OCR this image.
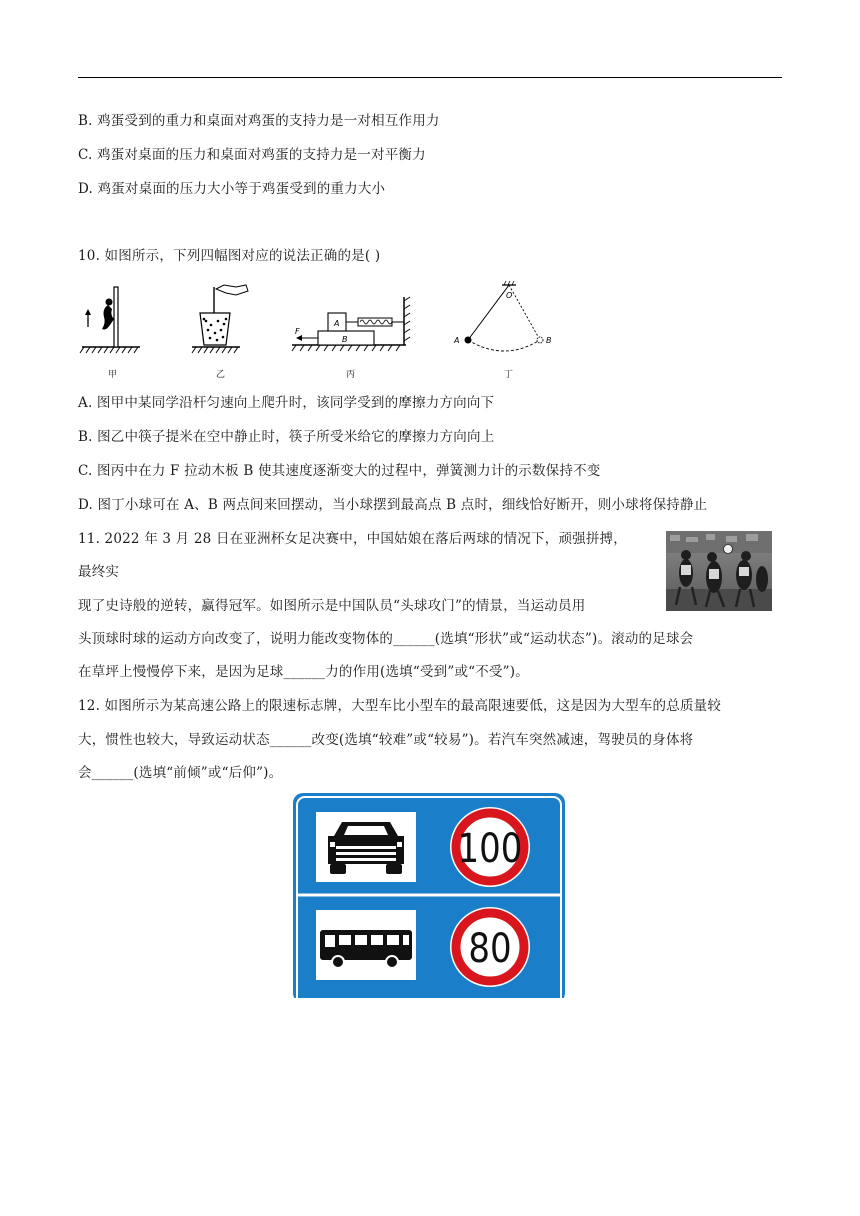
B. 鸡蛋受到的重力和桌面对鸡蛋的支持力是一对相互作用力
C. 鸡蛋对桌面的压力和桌面对鸡蛋的支持力是一对平衡力
D. 鸡蛋对桌面的压力大小等于鸡蛋受到的重力大小
10. 如图所示，下列四幅图对应的说法正确的是( )
甲	乙
F
A
B
丙
O
A	B
丁
A. 图甲中某同学沿杆匀速向上爬升时，该同学受到的摩擦力方向向下
B. 图乙中筷子提米在空中静止时，筷子所受米给它的摩擦力方向向上
C. 图丙中在力 F 拉动木板 B 使其速度逐渐变大的过程中，弹簧测力计的示数保持不变
D. 图丁小球可在 A、B 两点间来回摆动，当小球摆到最高点 B 点时，细线恰好断开，则小球将保持静止
11. 2022 年 3 月 28 日在亚洲杯女足决赛中，中国姑娘在落后两球的情况下，顽强拼搏，
最终实
现了史诗般的逆转，赢得冠军。如图所示是中国队员“头球攻门”的情景，当运动员用
头顶球时球的运动方向改变了，说明力能改变物体的______(选填“形状”或“运动状态”)。滚动的足球会
在草坪上慢慢停下来，是因为足球______力的作用(选填“受到”或“不受”)。
12. 如图所示为某高速公路上的限速标志牌，大型车比小型车的最高限速要低，这是因为大型车的总质量较
大，惯性也较大，导致运动状态______改变(选填“较难”或“较易”)。若汽车突然减速，驾驶员的身体将
会______(选填“前倾”或“后仰”)。
100
80
